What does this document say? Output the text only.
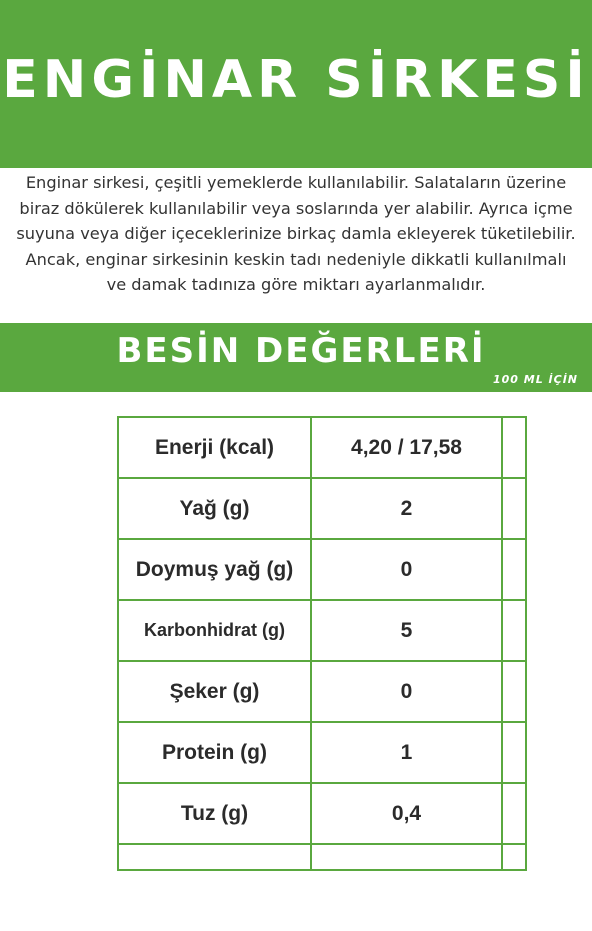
ENGİNAR SİRKESİ

Enginar sirkesi, çeşitli yemeklerde kullanılabilir. Salataların üzerine biraz dökülerek kullanılabilir veya soslarında yer alabilir. Ayrıca içme suyuna veya diğer içeceklerinize birkaç damla ekleyerek tüketilebilir. Ancak, enginar sirkesinin keskin tadı nedeniyle dikkatli kullanılmalı ve damak tadınıza göre miktarı ayarlanmalıdır.

BESİN DEĞERLERİ
100 ML İÇİN
Enerji (kcal)	4,20 / 17,58	
Yağ (g)	2	
Doymuş yağ (g)	0	
Karbonhidrat (g)	5	
Şeker (g)	0	
Protein (g)	1	
Tuz (g)	0,4	
